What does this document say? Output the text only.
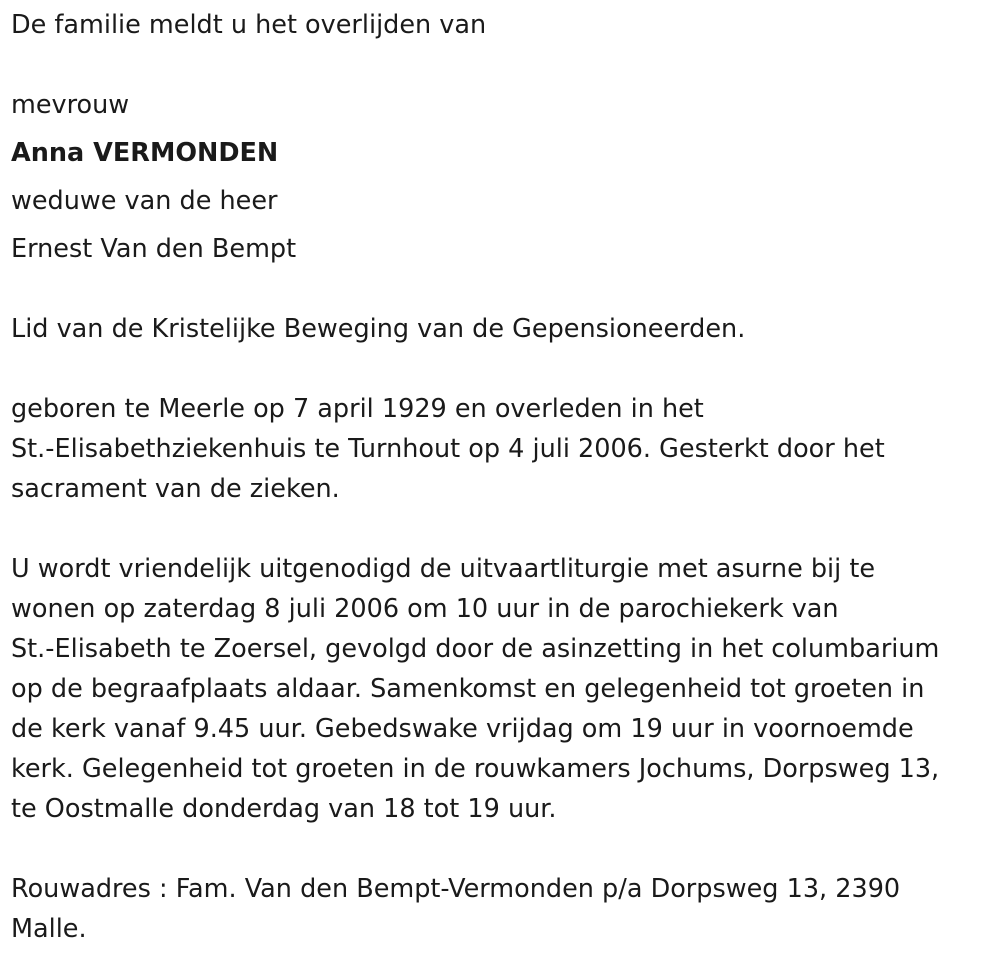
De familie meldt u het overlijden van

mevrouw

Anna VERMONDEN

weduwe van de heer

Ernest Van den Bempt

Lid van de Kristelijke Beweging van de Gepensioneerden.

geboren te Meerle op 7 april 1929 en overleden in het

St.-Elisabethziekenhuis te Turnhout op 4 juli 2006. Gesterkt door het

sacrament van de zieken.

U wordt vriendelijk uitgenodigd de uitvaartliturgie met asurne bij te

wonen op zaterdag 8 juli 2006 om 10 uur in de parochiekerk van

St.-Elisabeth te Zoersel, gevolgd door de asinzetting in het columbarium

op de begraafplaats aldaar. Samenkomst en gelegenheid tot groeten in

de kerk vanaf 9.45 uur. Gebedswake vrijdag om 19 uur in voornoemde

kerk. Gelegenheid tot groeten in de rouwkamers Jochums, Dorpsweg 13,

te Oostmalle donderdag van 18 tot 19 uur.

Rouwadres : Fam. Van den Bempt-Vermonden p/a Dorpsweg 13, 2390

Malle.
